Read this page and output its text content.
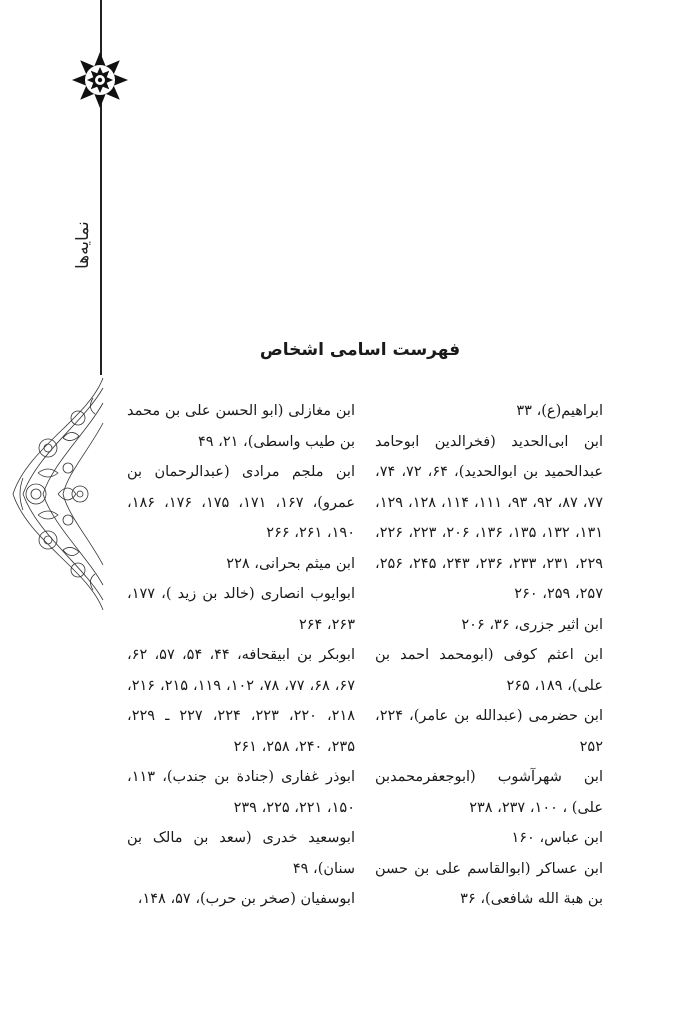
نمایه‌ها
فهرست اسامی اشخاص

ابراهیم(ع)، ۳۳

ابن ابی‌الحدید (فخرالدین ابوحامد عبدالحمید بن ابوالحدید)، ۶۴، ۷۲، ۷۴، ۷۷، ۸۷، ۹۲، ۹۳، ۱۱۱، ۱۱۴، ۱۲۸، ۱۲۹، ۱۳۱، ۱۳۲، ۱۳۵، ۱۳۶، ۲۰۶، ۲۲۳، ۲۲۶، ۲۲۹، ۲۳۱، ۲۳۳، ۲۳۶، ۲۴۳، ۲۴۵، ۲۵۶، ۲۵۷، ۲۵۹، ۲۶۰

ابن اثیر جزری، ۳۶، ۲۰۶

ابن اعثم کوفی (ابومحمد احمد بن علی)، ۱۸۹، ۲۶۵

ابن حضرمی (عبدالله بن عامر)، ۲۲۴، ۲۵۲

ابن شهرآشوب (ابوجعفرمحمدبن علی) ، ۱۰۰، ۲۳۷، ۲۳۸

ابن عباس، ۱۶۰

ابن عساکر (ابوالقاسم علی بن حسن بن هبة الله شافعی)، ۳۶

ابن مغازلی (ابو الحسن علی بن محمد بن طیب واسطی)، ۲۱، ۴۹

ابن ملجم مرادی (عبدالرحمان بن عمرو)، ۱۶۷، ۱۷۱، ۱۷۵، ۱۷۶، ۱۸۶، ۱۹۰، ۲۶۱، ۲۶۶

ابن میثم بحرانی، ۲۲۸

ابوایوب انصاری (خالد بن زید )، ۱۷۷، ۲۶۳، ۲۶۴

ابوبکر بن ابیقحافه، ۴۴، ۵۴، ۵۷، ۶۲، ۶۷، ۶۸، ۷۷، ۷۸، ۱۰۲، ۱۱۹، ۲۱۵، ۲۱۶، ۲۱۸، ۲۲۰، ۲۲۳، ۲۲۴، ۲۲۷ ـ ۲۲۹، ۲۳۵، ۲۴۰، ۲۵۸، ۲۶۱

ابوذر غفاری (جنادة بن جندب)، ۱۱۳، ۱۵۰، ۲۲۱، ۲۲۵، ۲۳۹

ابوسعید خدری (سعد بن مالک بن سنان)، ۴۹

ابوسفیان (صخر بن حرب)، ۵۷، ۱۴۸،
